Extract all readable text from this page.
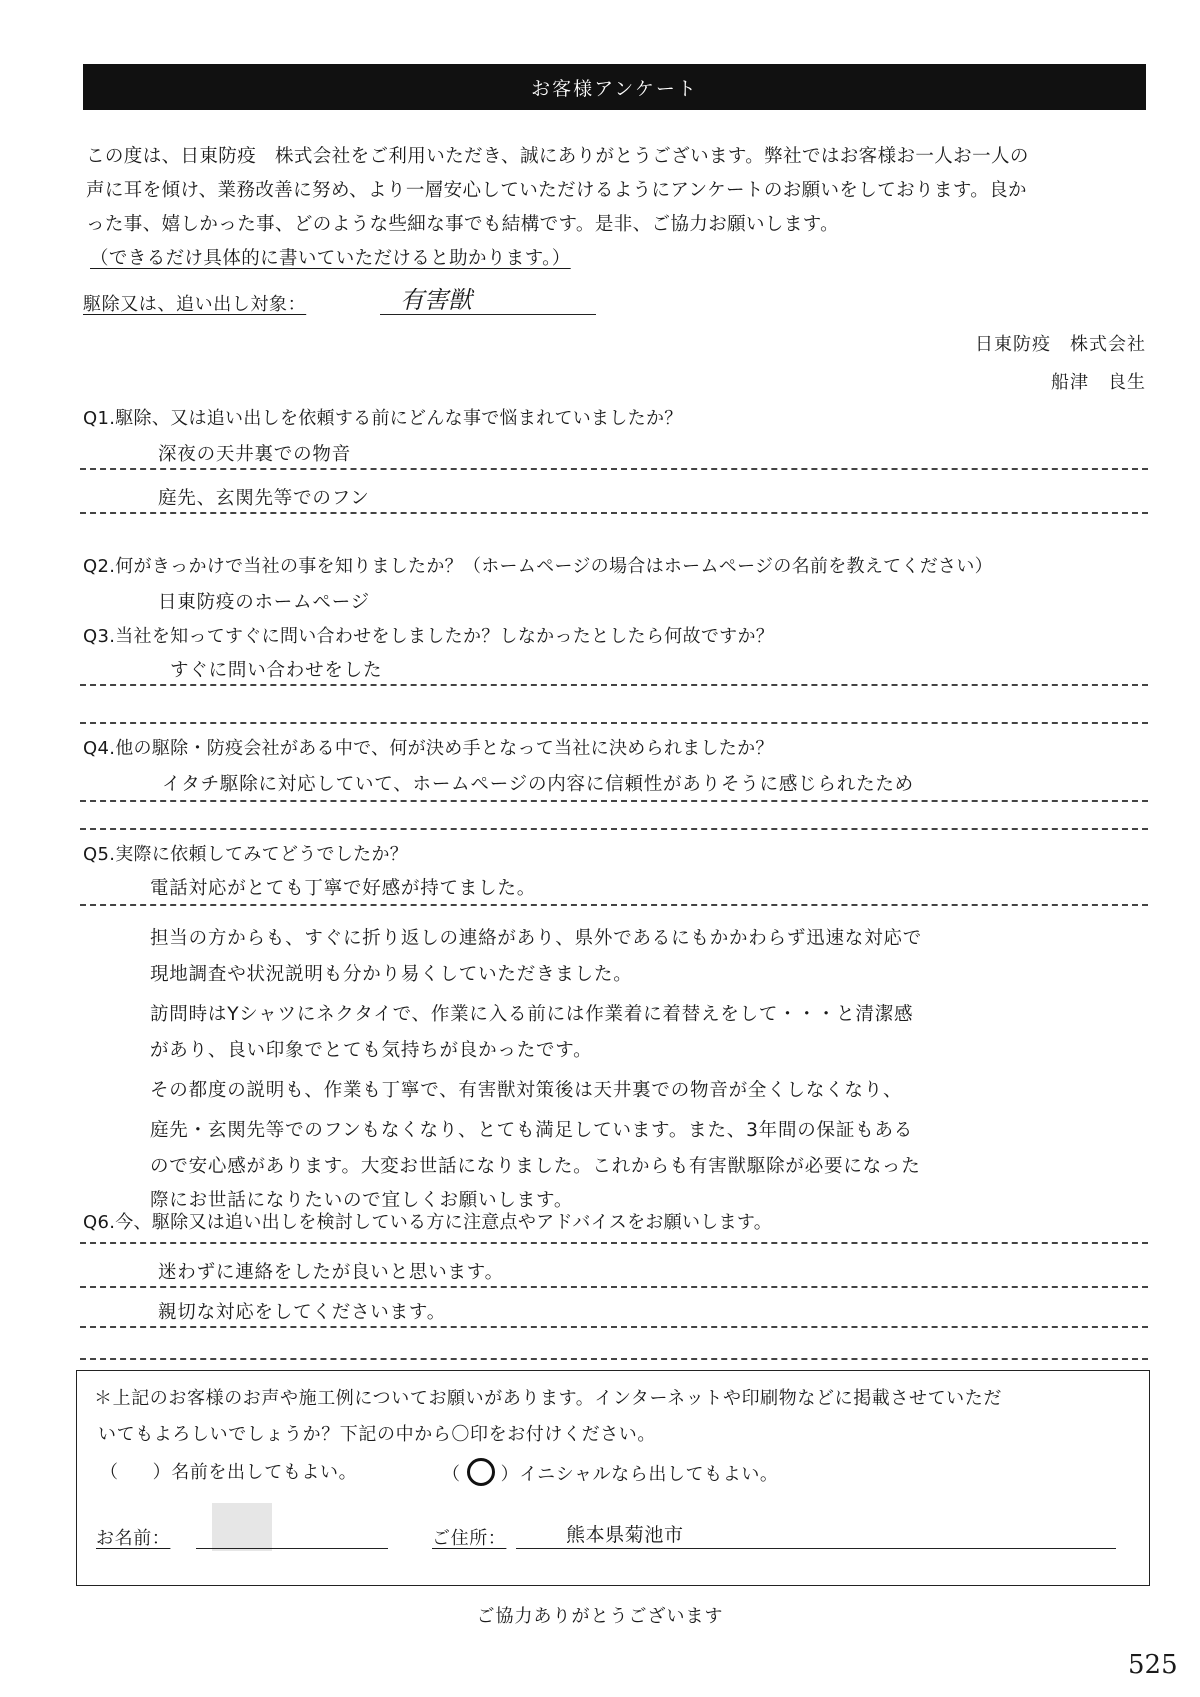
お客様アンケート
この度は、日東防疫　株式会社をご利用いただき、誠にありがとうございます。弊社ではお客様お一人お一人の
声に耳を傾け、業務改善に努め、より一層安心していただけるようにアンケートのお願いをしております。良か
った事、嬉しかった事、どのような些細な事でも結構です。是非、ご協力お願いします。
（できるだけ具体的に書いていただけると助かります。）
駆除又は、追い出し対象：	有害獣
日東防疫　株式会社
船津　良生
Q1.駆除、又は追い出しを依頼する前にどんな事で悩まれていましたか？
深夜の天井裏での物音
庭先、玄関先等でのフン
Q2.何がきっかけで当社の事を知りましたか？（ホームページの場合はホームページの名前を教えてください）
日東防疫のホームページ
Q3.当社を知ってすぐに問い合わせをしましたか？しなかったとしたら何故ですか？
すぐに問い合わせをした
Q4.他の駆除・防疫会社がある中で、何が決め手となって当社に決められましたか？
イタチ駆除に対応していて、ホームページの内容に信頼性がありそうに感じられたため
Q5.実際に依頼してみてどうでしたか？
電話対応がとても丁寧で好感が持てました。
担当の方からも、すぐに折り返しの連絡があり、県外であるにもかかわらず迅速な対応で
現地調査や状況説明も分かり易くしていただきました。
訪問時はYシャツにネクタイで、作業に入る前には作業着に着替えをして・・・と清潔感
があり、良い印象でとても気持ちが良かったです。
その都度の説明も、作業も丁寧で、有害獣対策後は天井裏での物音が全くしなくなり、
庭先・玄関先等でのフンもなくなり、とても満足しています。また、3年間の保証もある
ので安心感があります。大変お世話になりました。これからも有害獣駆除が必要になった
際にお世話になりたいので宜しくお願いします。
Q6.今、駆除又は追い出しを検討している方に注意点やアドバイスをお願いします。
迷わずに連絡をしたが良いと思います。
親切な対応をしてくださいます。
＊上記のお客様のお声や施工例についてお願いがあります。インターネットや印刷物などに掲載させていただ
いてもよろしいでしょうか？下記の中から〇印をお付けください。
（ ）名前を出してもよい。	（ ○ ）イニシャルなら出してもよい。
お名前：	ご住所：	熊本県菊池市
ご協力ありがとうございます
525
